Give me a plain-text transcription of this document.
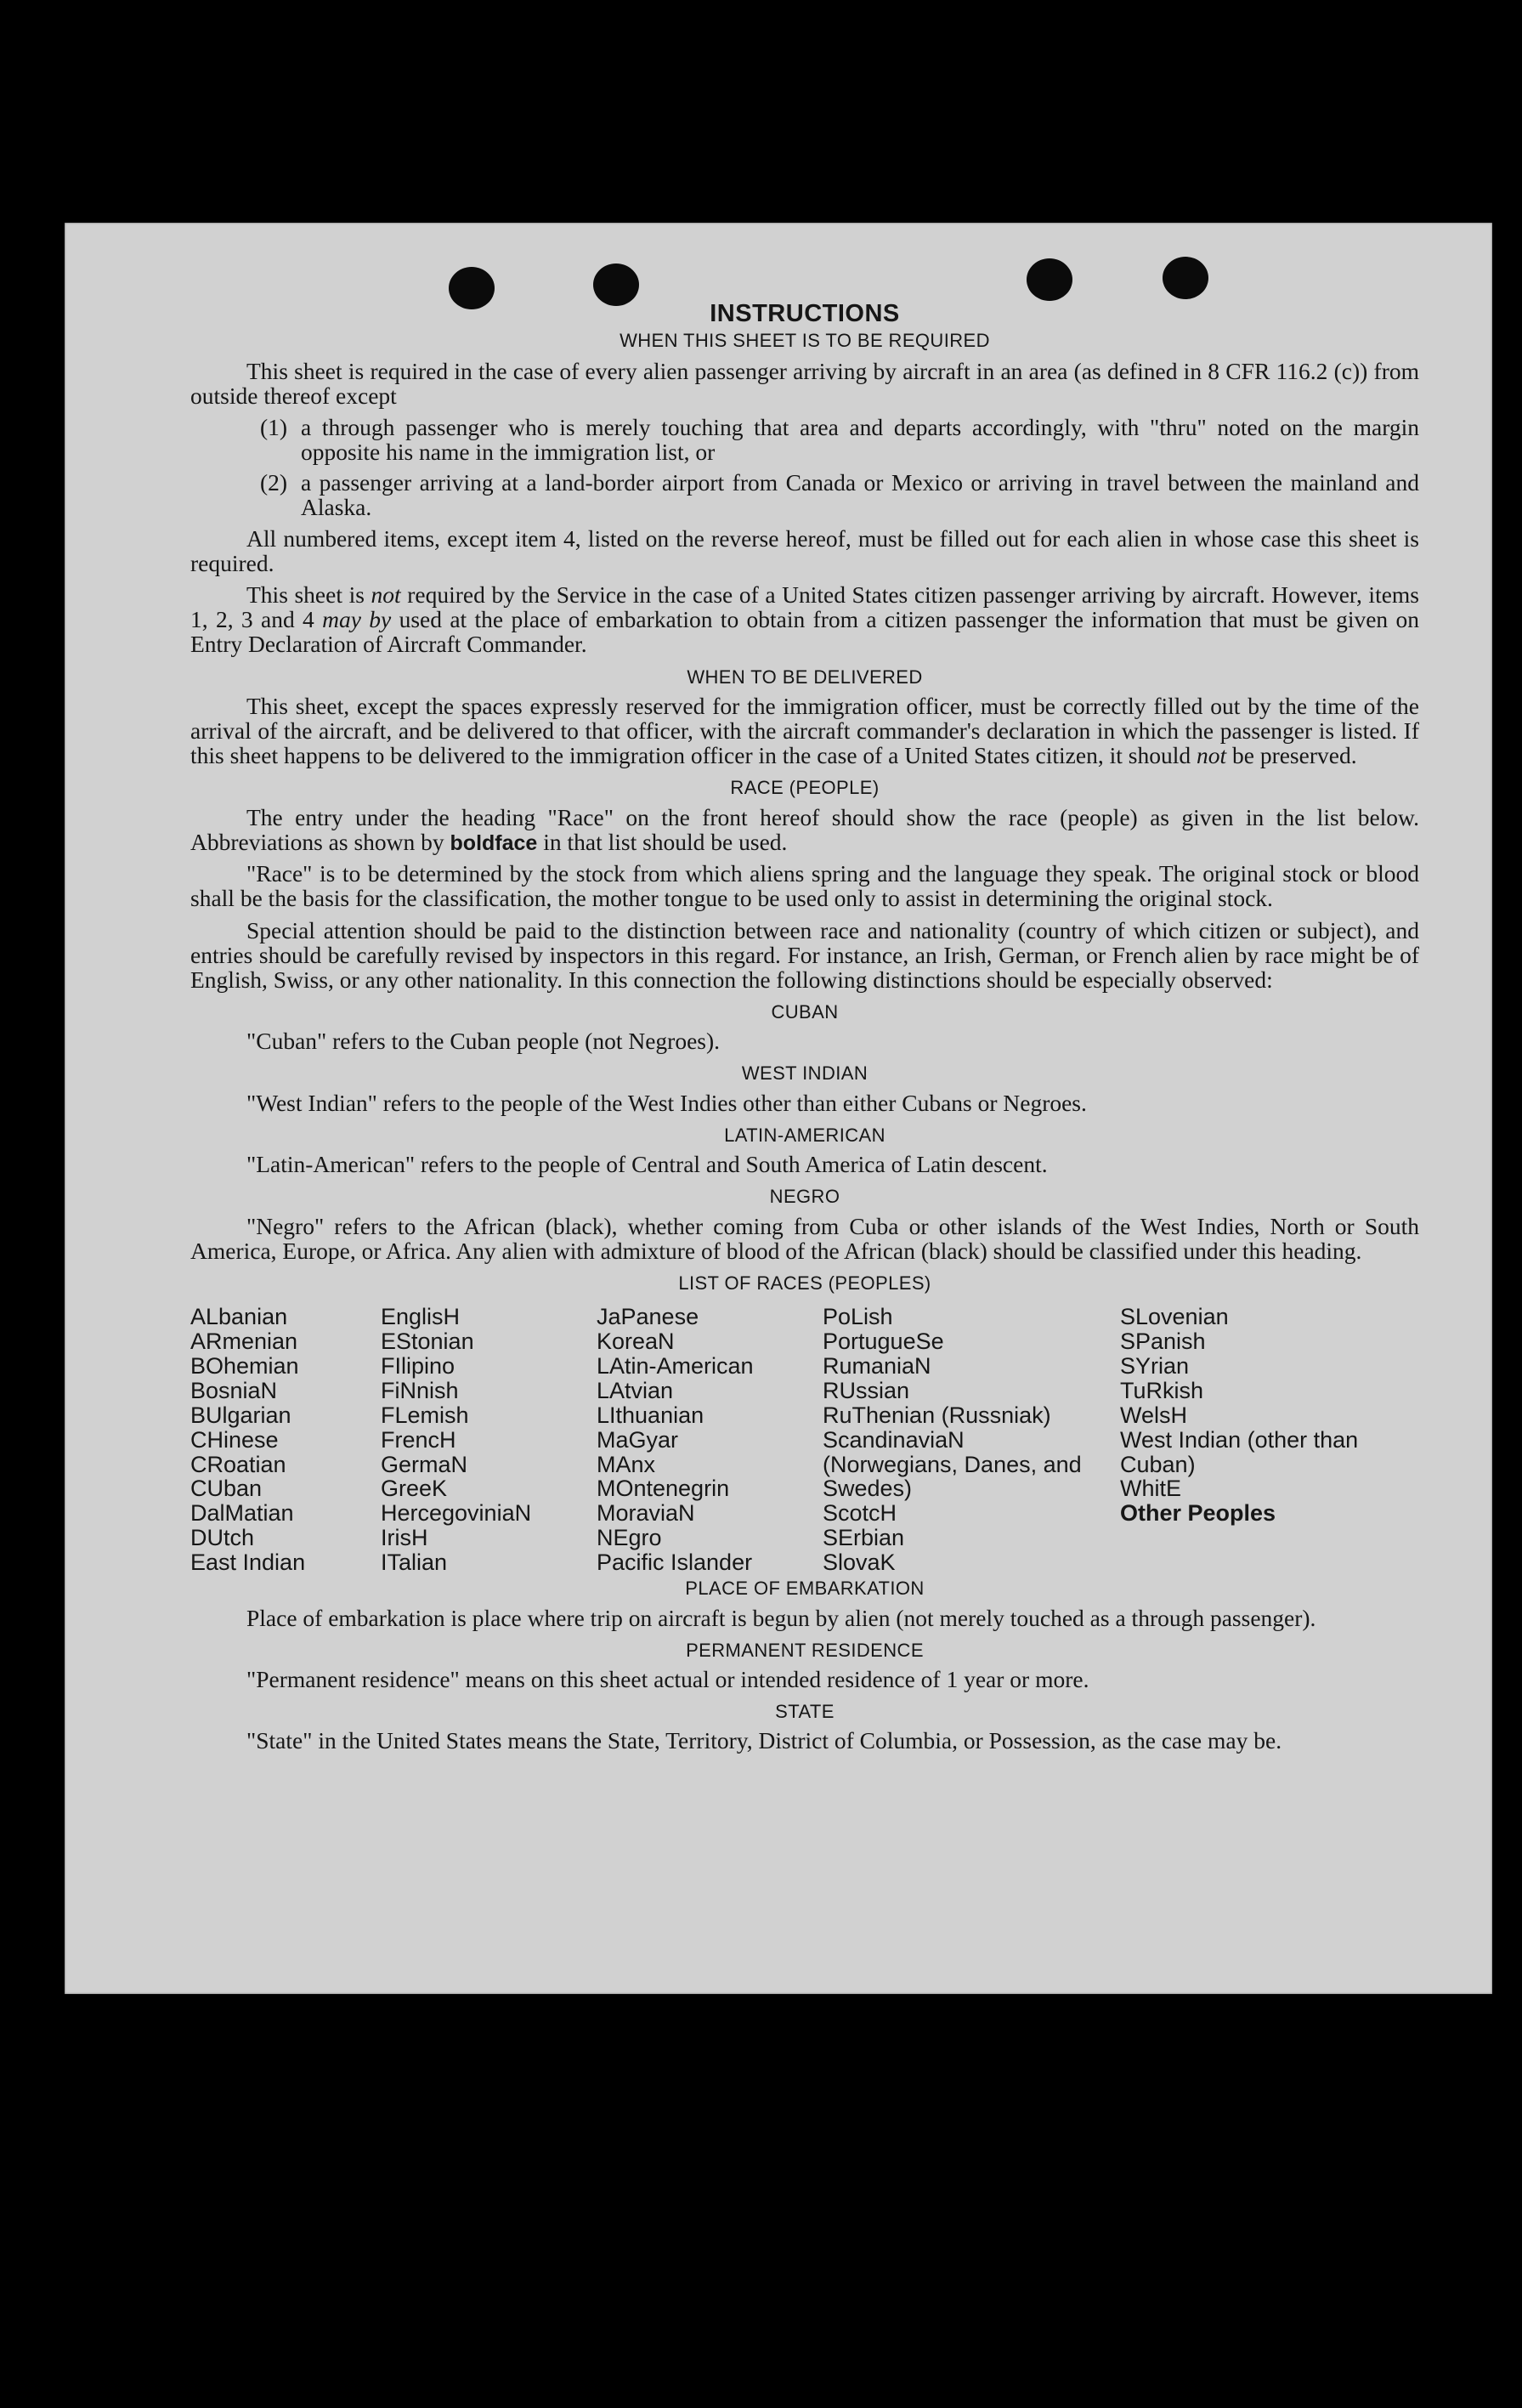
INSTRUCTIONS
WHEN THIS SHEET IS TO BE REQUIRED

This sheet is required in the case of every alien passenger arriving by aircraft in an area (as defined in 8 CFR 116.2 (c)) from outside thereof except

(1) a through passenger who is merely touching that area and departs accordingly, with "thru" noted on the margin opposite his name in the immigration list, or
(2) a passenger arriving at a land-border airport from Canada or Mexico or arriving in travel between the mainland and Alaska.

All numbered items, except item 4, listed on the reverse hereof, must be filled out for each alien in whose case this sheet is required.

This sheet is not required by the Service in the case of a United States citizen passenger arriving by aircraft. However, items 1, 2, 3 and 4 may by used at the place of embarkation to obtain from a citizen passenger the information that must be given on Entry Declaration of Aircraft Commander.

WHEN TO BE DELIVERED

This sheet, except the spaces expressly reserved for the immigration officer, must be correctly filled out by the time of the arrival of the aircraft, and be delivered to that officer, with the aircraft commander's declaration in which the passenger is listed. If this sheet happens to be delivered to the immigration officer in the case of a United States citizen, it should not be preserved.

RACE (PEOPLE)

The entry under the heading "Race" on the front hereof should show the race (people) as given in the list below. Abbreviations as shown by boldface in that list should be used.

"Race" is to be determined by the stock from which aliens spring and the language they speak. The original stock or blood shall be the basis for the classification, the mother tongue to be used only to assist in determining the original stock.

Special attention should be paid to the distinction between race and nationality (country of which citizen or subject), and entries should be carefully revised by inspectors in this regard. For instance, an Irish, German, or French alien by race might be of English, Swiss, or any other nationality. In this connection the following distinctions should be especially observed:

CUBAN

"Cuban" refers to the Cuban people (not Negroes).

WEST INDIAN

"West Indian" refers to the people of the West Indies other than either Cubans or Negroes.

LATIN-AMERICAN

"Latin-American" refers to the people of Central and South America of Latin descent.

NEGRO

"Negro" refers to the African (black), whether coming from Cuba or other islands of the West Indies, North or South America, Europe, or Africa. Any alien with admixture of blood of the African (black) should be classified under this heading.

LIST OF RACES (PEOPLES)
ALbanian
ARmenian
BOhemian
BosniaN
BUlgarian
CHinese
CRoatian
CUban
DalMatian
DUtch
East Indian
EnglisH
EStonian
FIlipino
FiNnish
FLemish
FrencH
GermaN
GreeK
HercegoviniaN
IrisH
ITalian
JaPanese
KoreaN
LAtin-American
LAtvian
LIthuanian
MaGyar
MAnx
MOntenegrin
MoraviaN
NEgro
Pacific Islander
PoLish
PortugueSe
RumaniaN
RUssian
RuThenian (Russniak)
ScandinaviaN (Norwegians, Danes, and Swedes)
ScotcH
SErbian
SlovaK
SLovenian
SPanish
SYrian
TuRkish
WelsH
West Indian (other than Cuban)
WhitE
Other Peoples
PLACE OF EMBARKATION

Place of embarkation is place where trip on aircraft is begun by alien (not merely touched as a through passenger).

PERMANENT RESIDENCE

"Permanent residence" means on this sheet actual or intended residence of 1 year or more.

STATE

"State" in the United States means the State, Territory, District of Columbia, or Possession, as the case may be.
